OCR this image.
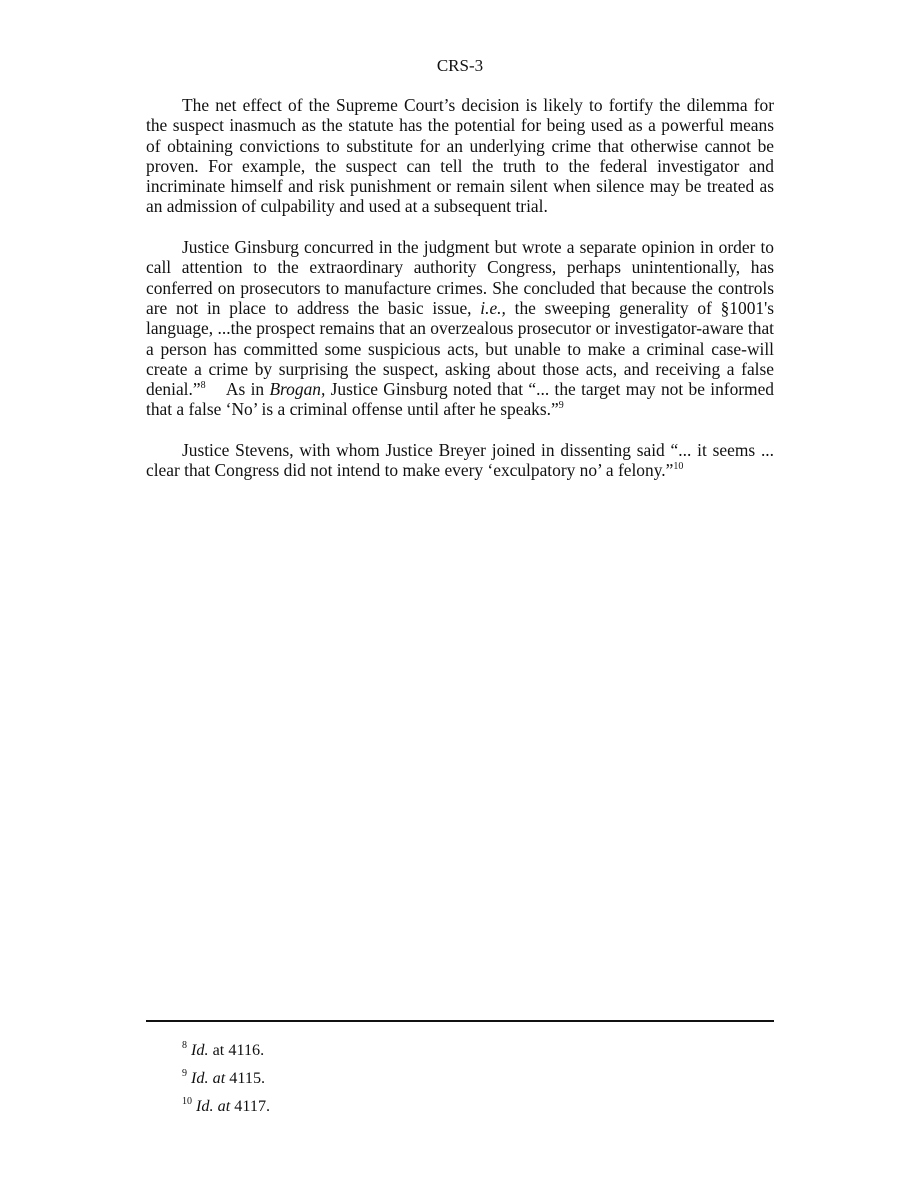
CRS-3

The net effect of the Supreme Court’s decision is likely to fortify the dilemma for the suspect inasmuch as the statute has the potential for being used as a powerful means of obtaining convictions to substitute for an underlying crime that otherwise cannot be proven. For example, the suspect can tell the truth to the federal investigator and incriminate himself and risk punishment or remain silent when silence may be treated as an admission of culpability and used at a subsequent trial.

Justice Ginsburg concurred in the judgment but wrote a separate opinion in order to call attention to the extraordinary authority Congress, perhaps unintentionally, has conferred on prosecutors to manufacture crimes. She concluded that because the controls are not in place to address the basic issue, i.e., the sweeping generality of §1001's language, ...the prospect remains that an overzealous prosecutor or investigator-aware that a person has committed some suspicious acts, but unable to make a criminal case-will create a crime by surprising the suspect, asking about those acts, and receiving a false denial.”$^8$    As in Brogan, Justice Ginsburg noted that “... the target may not be informed that a false ‘No’ is a criminal offense until after he speaks.”$^9$

Justice Stevens, with whom Justice Breyer joined in dissenting said “... it seems ... clear that Congress did not intend to make every ‘exculpatory no’ a felony.”$^{10}$

$^8$ Id. at 4116.

$^9$ Id. at 4115.

$^{10}$ Id. at 4117.
